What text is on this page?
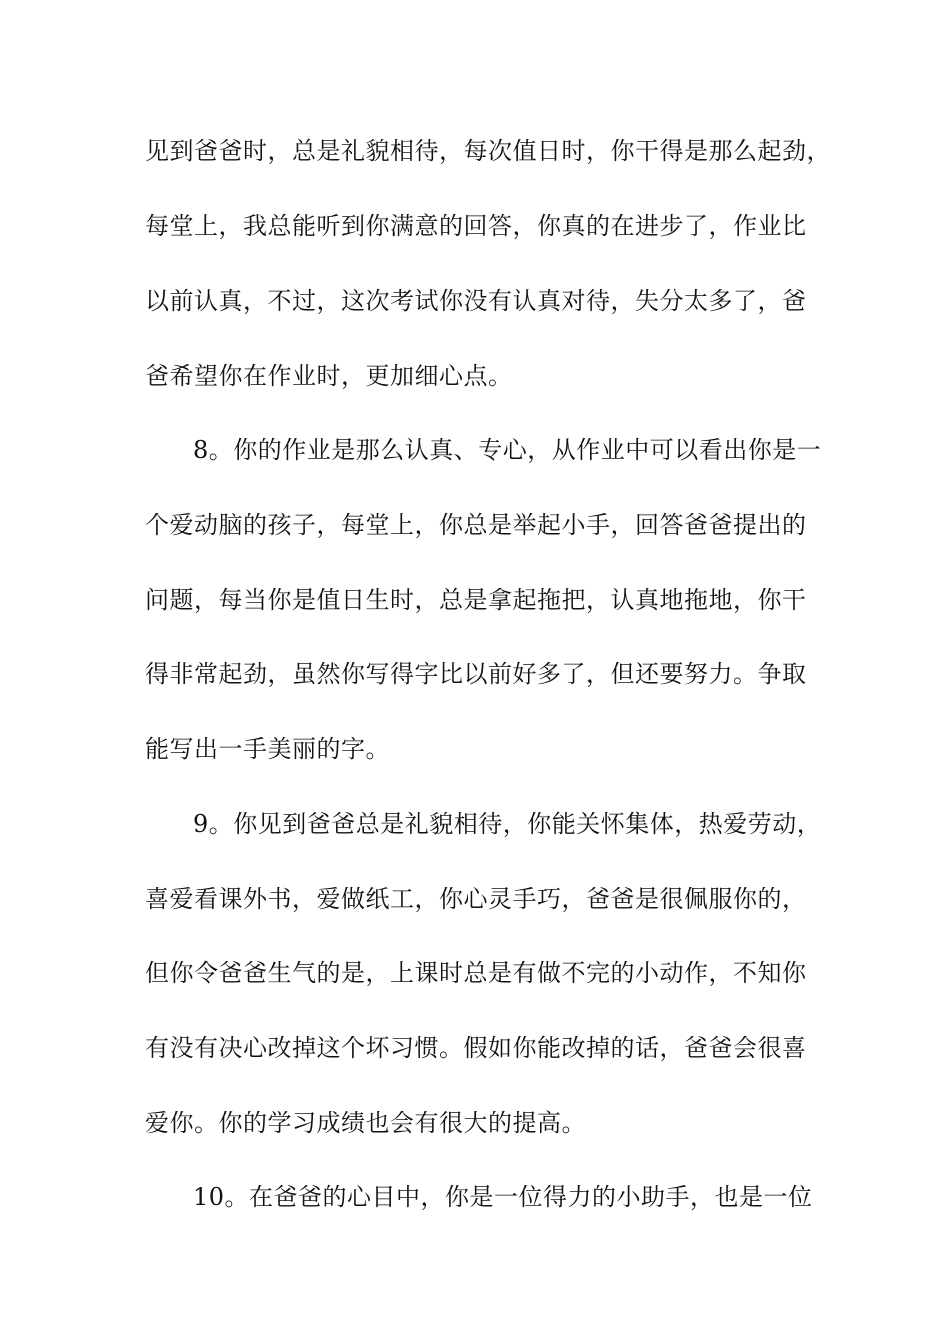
见到爸爸时，总是礼貌相待，每次值日时，你干得是那么起劲，
每堂上，我总能听到你满意的回答，你真的在进步了，作业比
以前认真，不过，这次考试你没有认真对待，失分太多了，爸
爸希望你在作业时，更加细心点。
8。你的作业是那么认真、专心，从作业中可以看出你是一
个爱动脑的孩子，每堂上，你总是举起小手，回答爸爸提出的
问题，每当你是值日生时，总是拿起拖把，认真地拖地，你干
得非常起劲，虽然你写得字比以前好多了，但还要努力。争取
能写出一手美丽的字。
9。你见到爸爸总是礼貌相待，你能关怀集体，热爱劳动，
喜爱看课外书，爱做纸工，你心灵手巧，爸爸是很佩服你的，
但你令爸爸生气的是，上课时总是有做不完的小动作，不知你
有没有决心改掉这个坏习惯。假如你能改掉的话，爸爸会很喜
爱你。你的学习成绩也会有很大的提高。
10。在爸爸的心目中，你是一位得力的小助手，也是一位
